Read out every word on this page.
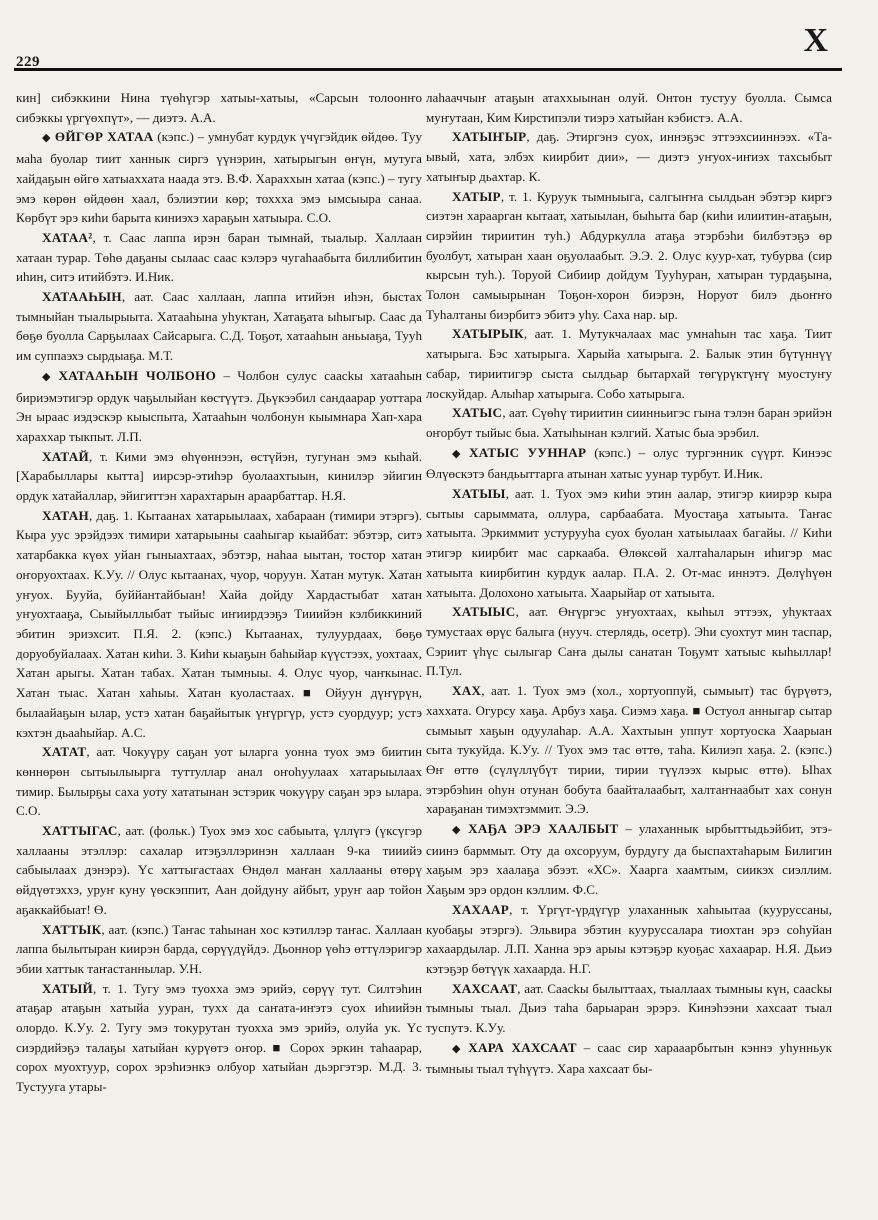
229
X

кин] сибэккини Нина түөһүгэр хатыы-хатыы, «Сарсын толоонҥо сибэккы үргүөхпүт», — диэтэ. А.А.

◆ ӨЙГӨР ХАТАА (кэпс.) – умнубат курдук үчүгэйдик өйдөө. Туу маһа буолар тиит ханнык сиргэ үүнэрин, хатырыгын өҥүн, мутуга хайдаҕын өйгө хатыаххата наада этэ. В.Ф. Хараххын хатаа (кэпс.) – тугу эмэ көрөн өйдөөн хаал, бэлиэтии көр; тоххха эмэ ымсыыра санаа. Көрбүт эрэ киһи барыта киниэхэ хараҕын хатыыра. С.О.

ХАТАА², т. Саас лаппа ирэн баран тымнай, тыалыр. Халлаан хатаан турар. Төһө даҕаны сылаас саас кэлэрэ чугаһаабыта биллибитин иһин, ситэ итийбэтэ. И.Ник.

ХАТААҺЫН, аат. Саас халлаан, лаппа итийэн иһэн, быстах тымныйан тыалырыыта. Хатааһына уһуктан, Хатаҕата ыһыгыр. Саас да бөҕө буолла Сарҕылаах Сайсарыга. С.Д. Тоҕот, хатааһын аньыаҕа, Тууһ им суппаэхэ сырдыаҕа. М.Т.

◆ ХАТААҺЫН ЧОЛБОНО – Чолбон сулус саасkы хатааһын бириэмэтигэр ордук чаҕылыйан көстүүтэ. Дьүкээбил сандаарар уоттара Эн ыраас иэдэскэр кыыспыта, Хатааһын чолбонун кыымнара Хап-хара хараххар тыкпыт. Л.П.

ХАТАЙ, т. Кими эмэ өһүөннээн, өстүйэн, тугунан эмэ кыһай. [Харабыллары кытта] иирсэр-этиһэр буолаахтыын, кинилэр эйигин ордук хатайаллар, эйигиттэн харахтарын араарбаттар. Н.Я.

ХАТАН, даҕ. 1. Кытаанах хатарыылаах, хабараан (тимири этэргэ). Кыра уус эрэйдээх тимири хатарыыны сааһыгар кыайбат: эбэтэр, ситэ хатарбакка күөх уйан гыныахтаах, эбэтэр, наһаа ыытан, тостор хатан оҥоруохтаах. К.Уу. // Олус кытаанах, чуор, чоруун. Хатан мутук. Хатан уҥуох. Бууйа, буййантайбыан! Хайа дойду Хардастыбат хатан уҥуохтааҕа, Сыыйыллыбат тыйыс иҥиирдээҕэ Тииийэн кэлбиккиний эбитин эриэхсит. П.Я. 2. (кэпс.) Кытаанах, тулуурдаах, бөҕө доруобуйалаах. Хатан киһи. 3. Киһи кыаҕын баһыйар күүстээх, уохтаах, Хатан арыгы. Хатан табах. Хатан тымныы. 4. Олус чуор, чаҥкынас. Хатан тыас. Хатан хаһыы. Хатан куоластаах. ■ Ойуун дүҥүрүн, былаайаҕын ылар, устэ хатан баҕайытык үҥүргүр, устэ суордуур; устэ кэхтэн дьааһыйар. А.С.

ХАТАТ, аат. Чокуүру саҕан уот ыларга уонна туох эмэ биитин көннөрөн сытыылыырга туттуллар анал оҥоһуулаах хатарыылаах тимир. Былырҕы саха уоту хататынан эстэрик чокуүру саҕан эрэ ылара. С.О.

ХАТТЫГАС, аат. (фольк.) Туох эмэ хос сабыыта, үллүгэ (үксүгэр халлааны этэллэр: сахалар итэҕэллэринэн халлаан 9-ка тииийэ сабыылаах дэнэрэ). Үс хаттыгастаах Өндөл маҥан халлааны өтөрү өйдүөтэххэ, уруҥ куну үөскэппит, Аан дойдуну айбыт, уруҥ аар тойон аҕаккайбыат! Ө.

ХАТТЫК, аат. (кэпс.) Таҥас таһынан хос кэтиллэр таҥас. Халлаан лаппа былытыран киирэн барда, сөрүүдүйдэ. Дьоннор үөһэ өттүлэригэр эбии хаттык таҥастаннылар. У.Н.

ХАТЫЙ, т. 1. Тугу эмэ туохха эмэ эрийэ, сөрүү тут. Силтэһин атаҕар атаҕын хатыйа ууран, тухх да саҥата-иҥэтэ суох иһиийэн олордо. К.Уу. 2. Тугу эмэ токурутан туохха эмэ эрийэ, олуйа ук. Үс сиэрдийэҕэ талаҕы хатыйан курүөтэ оҥор. ■ Сорох эркин таһаарар, сорох муохтуур, сорох эрэһиэнкэ олбуор хатыйан дьэргэтэр. М.Д. 3. Тустууга утары-

лаһааччыҥ атаҕын атаххыынан олуй. Онтон тустуу буолла. Сымса муҥутаан, Ким Кирстипэли тиэрэ хатыйан кэбистэ. А.А.

ХАТЫҤЫР, даҕ. Этиргэнэ суох, иннэҕэс эттээхсииннээх. «Та-ывый, хата, элбэх киирбит дии», — диэтэ уҥуох-иҥиэх тахсыбыт хатыҥыр дьахтар. К.

ХАТЫР, т. 1. Куруук тымныыга, салгыҥҥа сылдьан эбэтэр киргэ сиэтэн хараарган кытаат, хатыылан, быһыта бар (киһи илиитин-атаҕын, сирэйин тириитин туһ.) Абдуркулла атаҕа этэрбэһи билбэтэҕэ өр буолбут, хатыран хаан оҕуолаабыт. Э.Э. 2. Олус куур-хат, тубурва (сир кырсын туһ.). Торуой Сибиир дойдум Тууһуран, хатыран турдаҕына, Толон самыырынан Тоҕон-хорон биэрэн, Норуот билэ дьоҥҥо Туһалтаны биэрбитэ эбитэ уһу. Саха нар. ыр.

ХАТЫРЫК, аат. 1. Мутукчалаах мас умнаһын тас хаҕа. Тиит хатырыга. Бэс хатырыга. Харыйа хатырыга. 2. Балык этин бүтүннүү сабар, тириитигэр сыста сылдьар бытархай төгүрүктүҥү муостуҥу лоскуйдар. Алыһар хатырыга. Собо хатырыга.

ХАТЫС, аат. Сүөһү тириитин сиинньигэс гына тэлэн баран эрийэн оҥорбут тыйыс быа. Хатыһынан кэлгий. Хатыс быа эрэбил.

◆ ХАТЫС УУННАР (кэпс.) – олус тургэнник сүүрт. Кинээс Өлүөскэтэ бандьыттарга атынан хатыс уунар турбут. И.Ник.

ХАТЫЫ, аат. 1. Туох эмэ киһи этин аалар, этигэр киирэр кыра сытыы сарыммата, оллура, сарбаабата. Муостаҕа хатыыта. Таҥас хатыыта. Эркиммит устурууһа суох буолан хатыылаах багайы. // Киһи этигэр киирбит мас саркааба. Өлөксөй халтаһаларын иһигэр мас хатыыта киирбитин курдук аалар. П.А. 2. От-мас иннэтэ. Дөлүһүөн хатыыта. Долохоно хатыыта. Хаарыйар от хатыыта.

ХАТЫЫС, аат. Өҥүргэс уҥуохтаах, кыһыл эттээх, уһуктаах тумустаах өрүс балыга (нууч. стерлядь, осетр). Эһи суохтут мин таспар, Сэриит үһүс сылыгар Саҥа дылы санатан Тоҕумт хатыыс кыһыллар! П.Тул.

ХАХ, аат. 1. Туох эмэ (хол., хортуоппуй, сымыыт) тас бүрүөтэ, хаххата. Огурсу хаҕа. Арбуз хаҕа. Сиэмэ хаҕа. ■ Остуол анныгар сытар сымыыт хаҕын одуулаһар. А.А. Хахтыын уппут хортуоска Хаарыан сыта тукуйда. К.Уу. // Туох эмэ тас өттө, таһа. Килиэп хаҕа. 2. (кэпс.) Өҥ өттө (сүлүллүбүт тирии, тирии түүлээх кырыс өттө). Ыһах этэрбэһин оһун отунан бобута баайталаабыт, халтаҥнаабыт хах сонун хараҕанан тимэхтэммит. Э.Э.

◆ ХАҔА ЭРЭ ХААЛБЫТ – улаханнык ырбыттыдьэйбит, этэ-сиинэ барммыт. Оту да охсоруум, бурдугу да быспахтаһарым Билигин хаҕым эрэ хаалаҕа эбээт. «ХС». Хаарга хаамтым, сиикэх сиэллим. Хаҕым эрэ ордон кэллим. Ф.С.

ХАХААР, т. Үргүт-үрдүгүр улаханнык хаһыытаа (куурусcаны, куобаҕы этэргэ). Эльвира эбэтин кууруссалара тиохтан эрэ соһуйан хахаардылар. Л.П. Ханна эрэ арыы кэтэҕэр куоҕас хахаарар. Н.Я. Дьиэ кэтэҕэр бөтүүк хахаарда. Н.Г.

ХАХСААТ, аат. Саасkы былыттаах, тыаллаах тымныы күн, саасkы тымныы тыал. Дьиэ таһа барыаран эрэрэ. Кинэһээни хахсаат тыал туспутэ. К.Уу.

◆ ХАРА ХАХСААТ – саас сир харааарбытын кэннэ уһунньук тымныы тыал түһүүтэ. Хара хахсаат бы-
